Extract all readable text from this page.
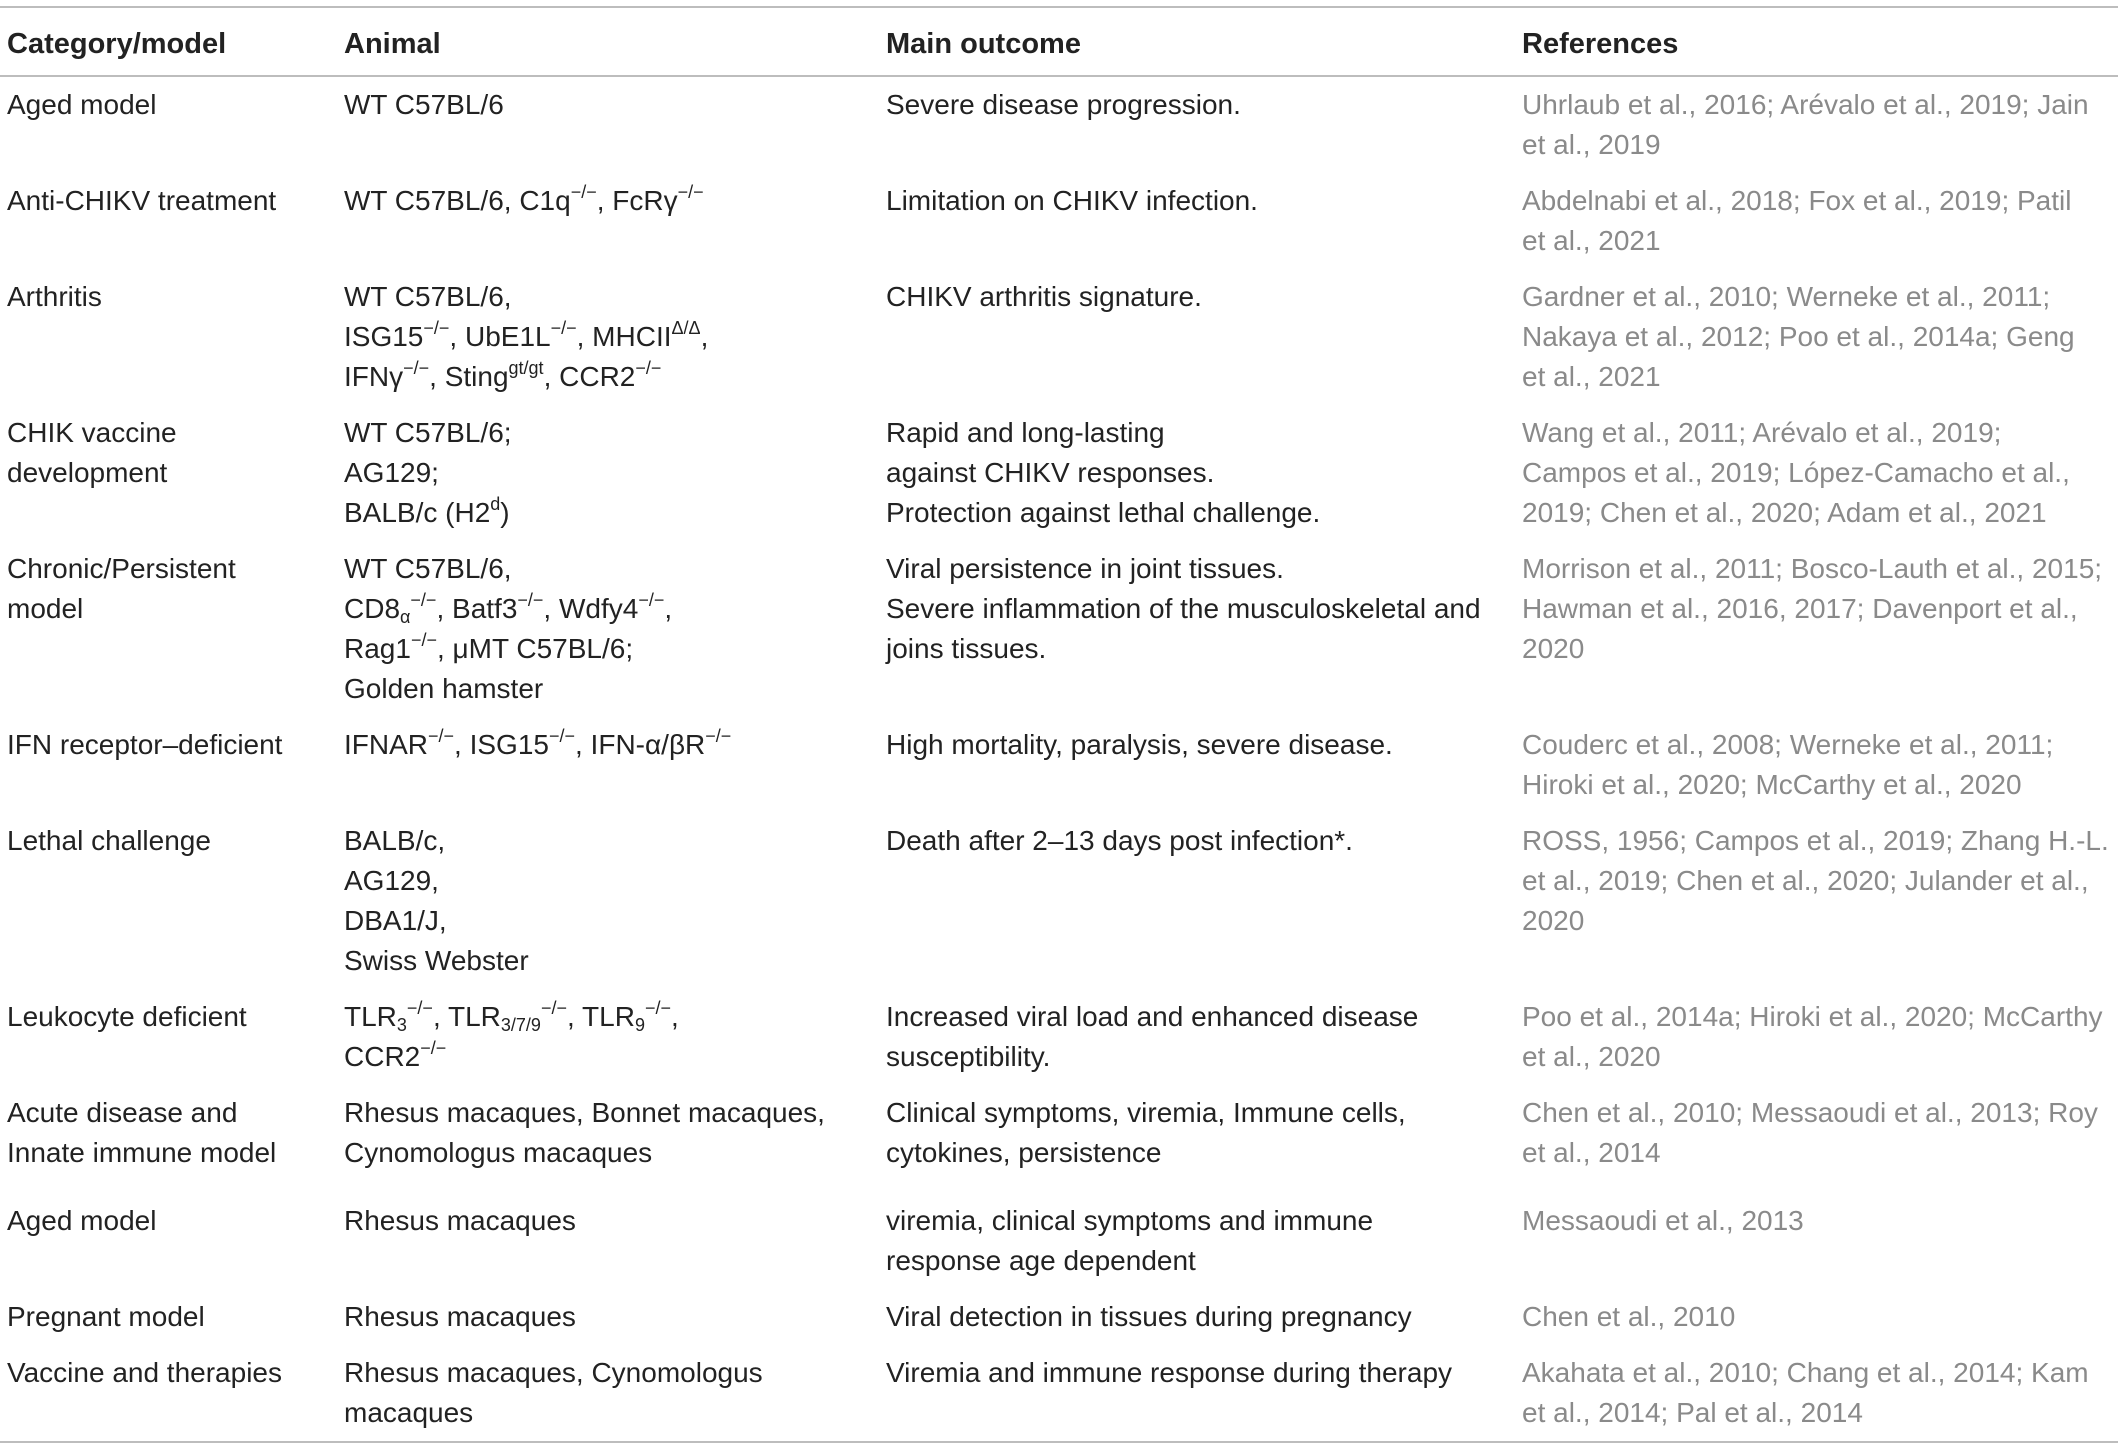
Category/model	Animal	Main outcome	References

Aged model	WT C57BL/6	Severe disease progression.	Uhrlaub et al., 2016; Arévalo et al., 2019; Jain
et al., 2019

Anti-CHIKV treatment	WT C57BL/6, C1q−/−, FcRγ−/−	Limitation on CHIKV infection.	Abdelnabi et al., 2018; Fox et al., 2019; Patil
et al., 2021

Arthritis	WT C57BL/6,
ISG15−/−, UbE1L−/−, $MHCII^{\Delta/\Delta}$,
IFNγ−/−, Sting$^{gt/gt}$, CCR2−/−	CHIKV arthritis signature.	Gardner et al., 2010; Werneke et al., 2011;
Nakaya et al., 2012; Poo et al., 2014a; Geng
et al., 2021

CHIK vaccine
development	WT C57BL/6;
AG129;
BALB/c (H2$^d$)	Rapid and long-lasting
against CHIKV responses.
Protection against lethal challenge.	Wang et al., 2011; Arévalo et al., 2019;
Campos et al., 2019; López-Camacho et al.,
2019; Chen et al., 2020; Adam et al., 2021

Chronic/Persistent
model	WT C57BL/6,
$CD8_\alpha^{-/-}$, Batf3−/−, Wdfy4−/−,
Rag1−/−, μMT C57BL/6;
Golden hamster	Viral persistence in joint tissues.
Severe inflammation of the musculoskeletal and
joins tissues.	Morrison et al., 2011; Bosco-Lauth et al., 2015;
Hawman et al., 2016, 2017; Davenport et al.,
2020

IFN receptor–deficient	IFNAR−/−, ISG15−/−, IFN-α/βR−/−	High mortality, paralysis, severe disease.	Couderc et al., 2008; Werneke et al., 2011;
Hiroki et al., 2020; McCarthy et al., 2020

Lethal challenge	BALB/c,
AG129,
DBA1/J,
Swiss Webster	Death after 2–13 days post infection*.	ROSS, 1956; Campos et al., 2019; Zhang H.-L.
et al., 2019; Chen et al., 2020; Julander et al.,
2020

Leukocyte deficient	$TLR_3^{-/-}$, $TLR_{3/7/9}^{-/-}$, $TLR_9^{-/-}$,
CCR2−/−	Increased viral load and enhanced disease
susceptibility.	Poo et al., 2014a; Hiroki et al., 2020; McCarthy
et al., 2020

Acute disease and
Innate immune model	Rhesus macaques, Bonnet macaques,
Cynomologus macaques	Clinical symptoms, viremia, Immune cells,
cytokines, persistence	Chen et al., 2010; Messaoudi et al., 2013; Roy
et al., 2014

Aged model	Rhesus macaques	viremia, clinical symptoms and immune
response age dependent	Messaoudi et al., 2013

Pregnant model	Rhesus macaques	Viral detection in tissues during pregnancy	Chen et al., 2010

Vaccine and therapies	Rhesus macaques, Cynomologus
macaques	Viremia and immune response during therapy	Akahata et al., 2010; Chang et al., 2014; Kam
et al., 2014; Pal et al., 2014
